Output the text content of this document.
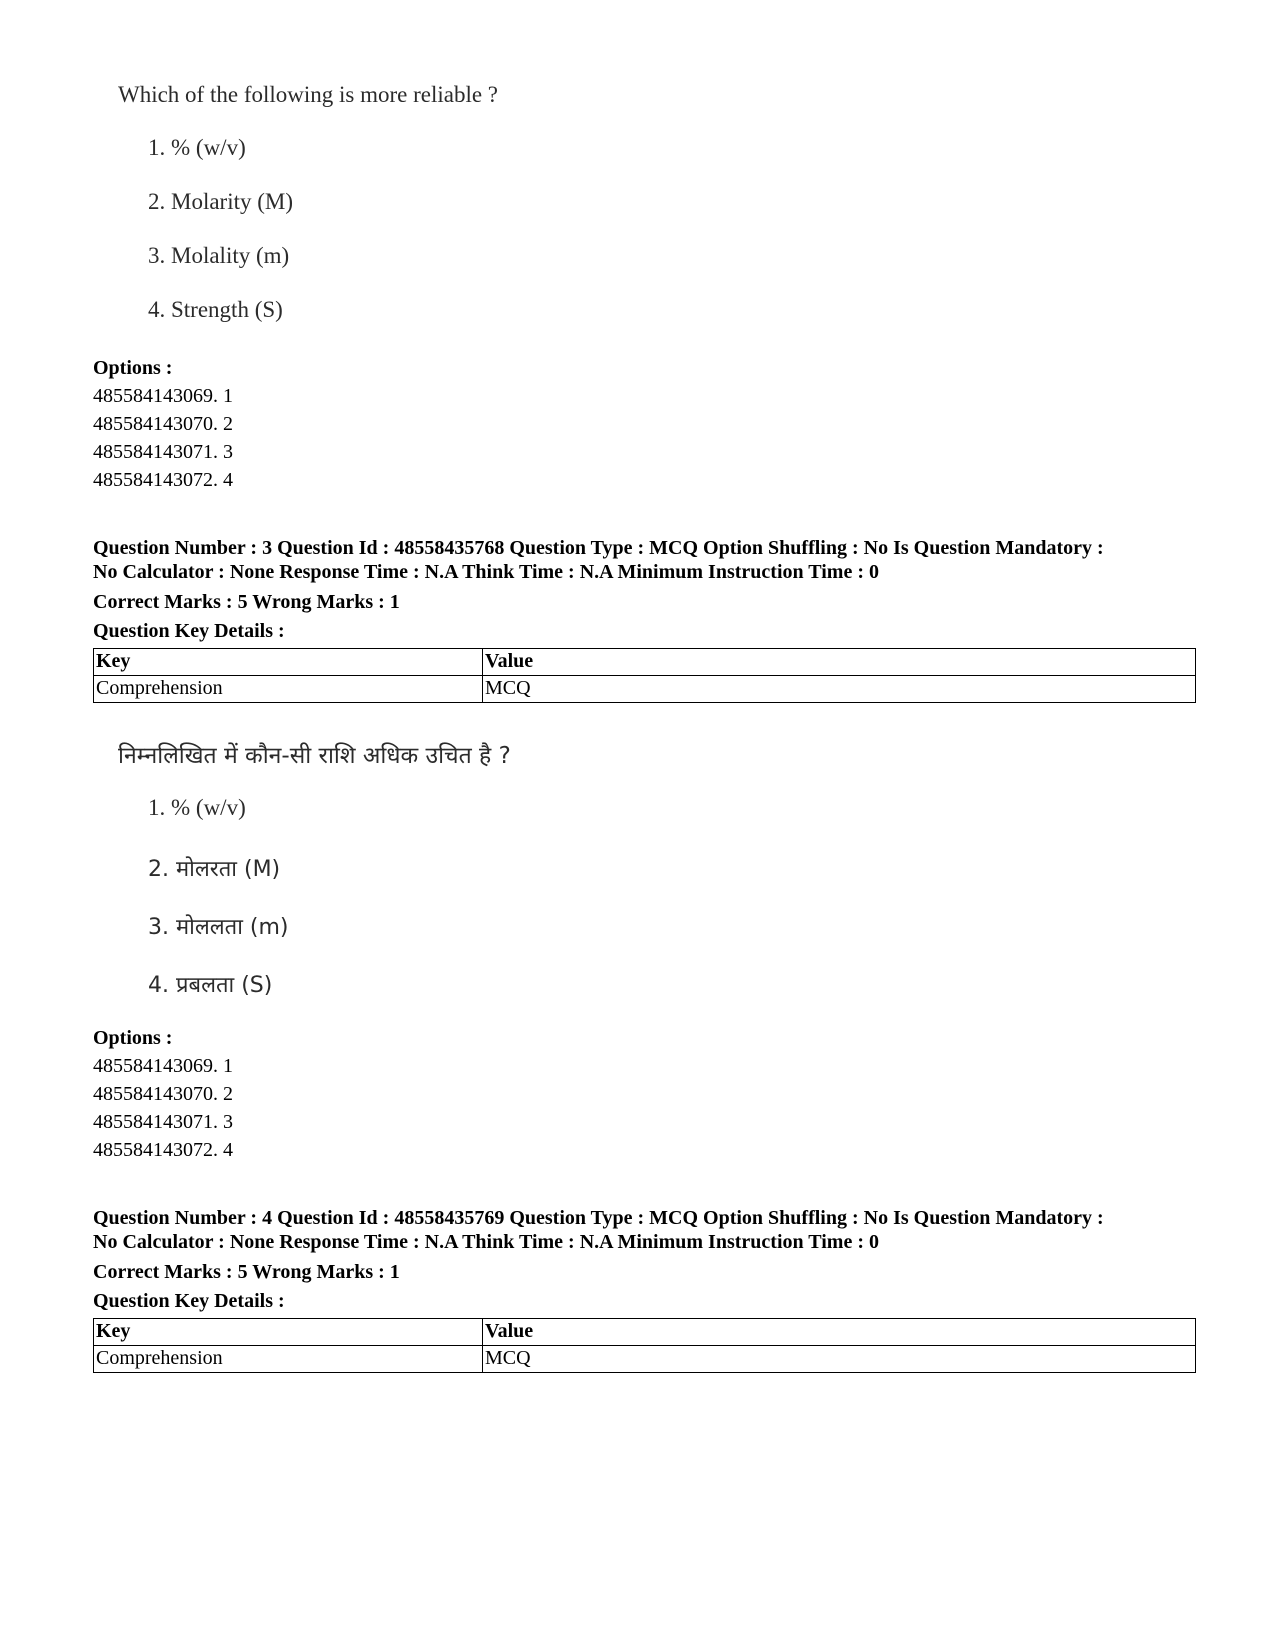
Which of the following is more reliable ?
1. % (w/v)
2. Molarity (M)
3. Molality (m)
4. Strength (S)
Options :
485584143069. 1
485584143070. 2
485584143071. 3
485584143072. 4
Question Number : 3 Question Id : 48558435768 Question Type : MCQ Option Shuffling : No Is Question Mandatory :
No Calculator : None Response Time : N.A Think Time : N.A Minimum Instruction Time : 0
Correct Marks : 5 Wrong Marks : 1
Question Key Details :
Key	Value
Comprehension	MCQ
निम्नलिखित में कौन-सी राशि अधिक उचित है ?
1. % (w/v)
2. मोलरता (M)
3. मोललता (m)
4. प्रबलता (S)
Options :
485584143069. 1
485584143070. 2
485584143071. 3
485584143072. 4
Question Number : 4 Question Id : 48558435769 Question Type : MCQ Option Shuffling : No Is Question Mandatory :
No Calculator : None Response Time : N.A Think Time : N.A Minimum Instruction Time : 0
Correct Marks : 5 Wrong Marks : 1
Question Key Details :
Key	Value
Comprehension	MCQ
